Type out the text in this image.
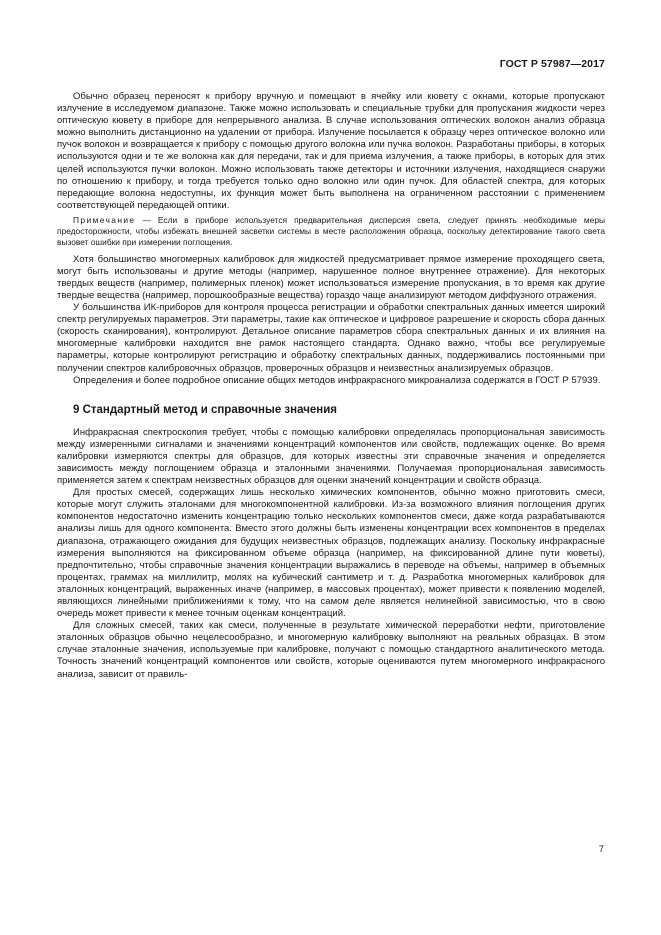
ГОСТ Р 57987—2017

Обычно образец переносят к прибору вручную и помещают в ячейку или кювету с окнами, которые пропускают излучение в исследуемом диапазоне. Также можно использовать и специальные трубки для пропускания жидкости через оптическую кювету в приборе для непрерывного анализа. В случае использования оптических волокон анализ образца можно выполнить дистанционно на удалении от прибора. Излучение посылается к образцу через оптическое волокно или пучок волокон и возвращается к прибору с помощью другого волокна или пучка волокон. Разработаны приборы, в которых используются одни и те же волокна как для передачи, так и для приема излучения, а также приборы, в которых для этих целей используются пучки волокон. Можно использовать также детекторы и источники излучения, находящиеся снаружи по отношению к прибору, и тогда требуется только одно волокно или один пучок. Для областей спектра, для которых передающие волокна недоступны, их функция может быть выполнена на ограниченном расстоянии с применением соответствующей передающей оптики.

Примечание — Если в приборе используется предварительная дисперсия света, следует принять необходимые меры предосторожности, чтобы избежать внешней засветки системы в месте расположения образца, поскольку детектирование такого света вызовет ошибки при измерении поглощения.

Хотя большинство многомерных калибровок для жидкостей предусматривает прямое измерение проходящего света, могут быть использованы и другие методы (например, нарушенное полное внутреннее отражение). Для некоторых твердых веществ (например, полимерных пленок) может использоваться измерение пропускания, в то время как другие твердые вещества (например, порошкообразные вещества) гораздо чаще анализируют методом диффузного отражения.

У большинства ИК-приборов для контроля процесса регистрации и обработки спектральных данных имеется широкий спектр регулируемых параметров. Эти параметры, такие как оптическое и цифровое разрешение и скорость сбора данных (скорость сканирования), контролируют. Детальное описание параметров сбора спектральных данных и их влияния на многомерные калибровки находится вне рамок настоящего стандарта. Однако важно, чтобы все регулируемые параметры, которые контролируют регистрацию и обработку спектральных данных, поддерживались постоянными при получении спектров калибровочных образцов, проверочных образцов и неизвестных анализируемых образцов.

Определения и более подробное описание общих методов инфракрасного микроанализа содержатся в ГОСТ Р 57939.

9 Стандартный метод и справочные значения

Инфракрасная спектроскопия требует, чтобы с помощью калибровки определялась пропорциональная зависимость между измеренными сигналами и значениями концентраций компонентов или свойств, подлежащих оценке. Во время калибровки измеряются спектры для образцов, для которых известны эти справочные значения и определяется зависимость между поглощением образца и эталонными значениями. Получаемая пропорциональная зависимость применяется затем к спектрам неизвестных образцов для оценки значений концентрации и свойств образца.

Для простых смесей, содержащих лишь несколько химических компонентов, обычно можно приготовить смеси, которые могут служить эталонами для многокомпонентной калибровки. Из-за возможного влияния поглощения других компонентов недостаточно изменить концентрацию только нескольких компонентов смеси, даже когда разрабатываются анализы лишь для одного компонента. Вместо этого должны быть изменены концентрации всех компонентов в пределах диапазона, отражающего ожидания для будущих неизвестных образцов, подлежащих анализу. Поскольку инфракрасные измерения выполняются на фиксированном объеме образца (например, на фиксированной длине пути кюветы), предпочтительно, чтобы справочные значения концентрации выражались в переводе на объемы, например в объемных процентах, граммах на миллилитр, молях на кубический сантиметр и т. д. Разработка многомерных калибровок для эталонных концентраций, выраженных иначе (например, в массовых процентах), может привести к появлению моделей, являющихся линейными приближениями к тому, что на самом деле является нелинейной зависимостью, что в свою очередь может привести к менее точным оценкам концентраций.

Для сложных смесей, таких как смеси, полученные в результате химической переработки нефти, приготовление эталонных образцов обычно нецелесообразно, и многомерную калибровку выполняют на реальных образцах. В этом случае эталонные значения, используемые при калибровке, получают с помощью стандартного аналитического метода. Точность значений концентраций компонентов или свойств, которые оцениваются путем многомерного инфракрасного анализа, зависит от правиль-

7
